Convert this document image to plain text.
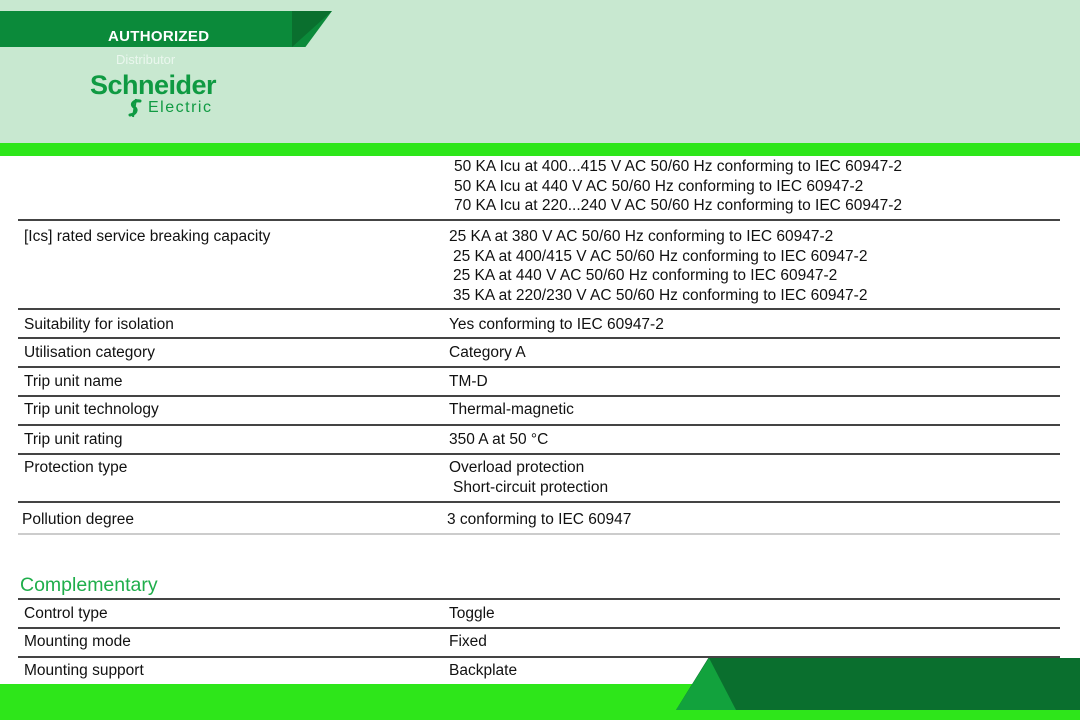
AUTHORIZED
Distributor
Schneider
Electric
50 KA Icu at 400...415 V AC 50/60 Hz conforming to IEC 60947-2
50 KA Icu at 440 V AC 50/60 Hz conforming to IEC 60947-2
70 KA Icu at 220...240 V AC 50/60 Hz conforming to IEC 60947-2
[Ics] rated service breaking capacity	25 KA at 380 V AC 50/60 Hz conforming to IEC 60947-2
25 KA at 400/415 V AC 50/60 Hz conforming to IEC 60947-2
25 KA at 440 V AC 50/60 Hz conforming to IEC 60947-2
35 KA at 220/230 V AC 50/60 Hz conforming to IEC 60947-2
Suitability for isolation	Yes conforming to IEC 60947-2
Utilisation category	Category A
Trip unit name	TM-D
Trip unit technology	Thermal-magnetic
Trip unit rating	350 A at 50 °C
Protection type	Overload protection
Short-circuit protection
Pollution degree	3 conforming to IEC 60947
Complementary
Control type	Toggle
Mounting mode	Fixed
Mounting support	Backplate
